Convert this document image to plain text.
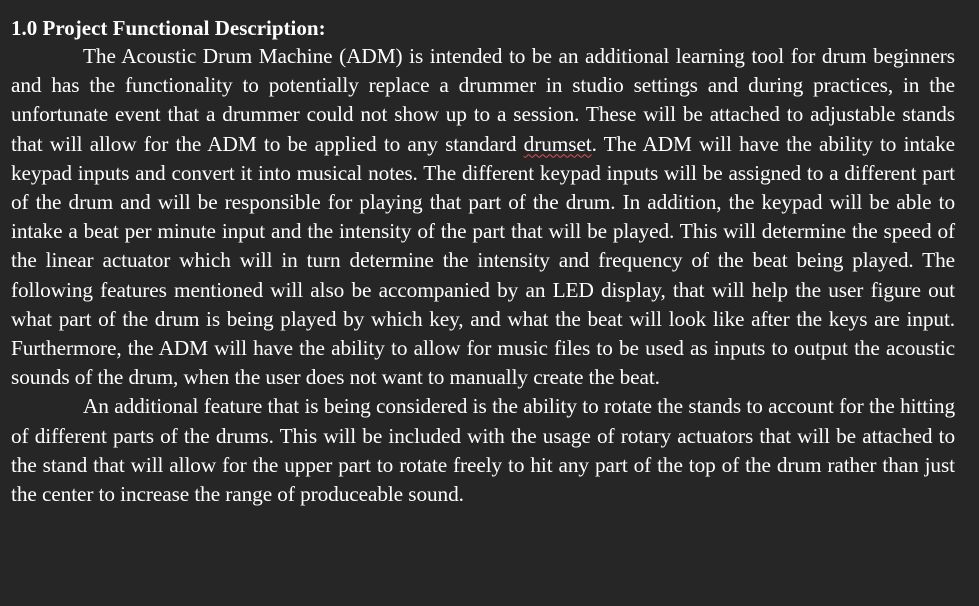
1.0 Project Functional Description:

The Acoustic Drum Machine (ADM) is intended to be an additional learning tool for drum beginners and has the functionality to potentially replace a drummer in studio settings and during practices, in the unfortunate event that a drummer could not show up to a session. These will be attached to adjustable stands that will allow for the ADM to be applied to any standard drumset. The ADM will have the ability to intake keypad inputs and convert it into musical notes. The different keypad inputs will be assigned to a different part of the drum and will be responsible for playing that part of the drum. In addition, the keypad will be able to intake a beat per minute input and the intensity of the part that will be played. This will determine the speed of the linear actuator which will in turn determine the intensity and frequency of the beat being played. The following features mentioned will also be accompanied by an LED display, that will help the user figure out what part of the drum is being played by which key, and what the beat will look like after the keys are input. Furthermore, the ADM will have the ability to allow for music files to be used as inputs to output the acoustic sounds of the drum, when the user does not want to manually create the beat.

An additional feature that is being considered is the ability to rotate the stands to account for the hitting of different parts of the drums. This will be included with the usage of rotary actuators that will be attached to the stand that will allow for the upper part to rotate freely to hit any part of the top of the drum rather than just the center to increase the range of produceable sound.
